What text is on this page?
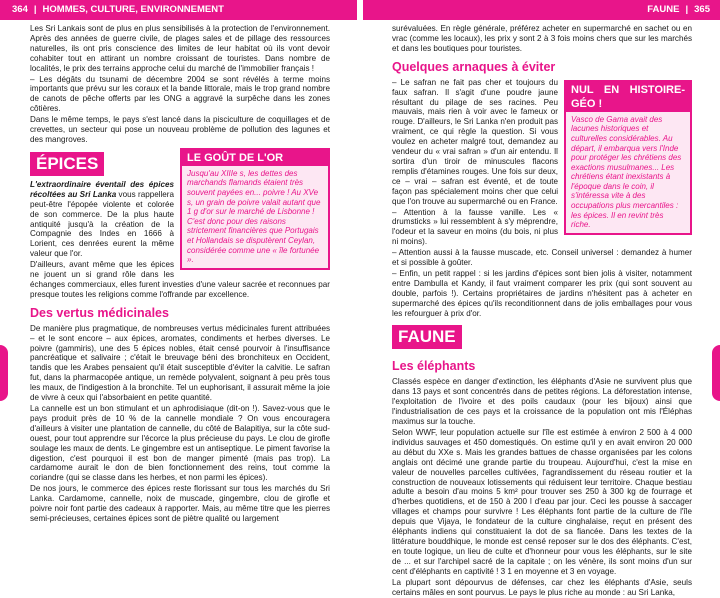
364 | HOMMES, CULTURE, ENVIRONNEMENT	FAUNE | 365

Les Sri Lankais sont de plus en plus sensibilisés à la protection de l'environnement. Après des années de guerre civile, de plages sales et de pillage des ressources naturelles, ils ont pris conscience des limites de leur habitat où ils vont devoir cohabiter tout en attirant un nombre croissant de touristes. Dans nombre de localités, le prix des terrains approche celui du marché de l'immobilier français !

– Les dégâts du tsunami de décembre 2004 se sont révélés à terme moins importants que prévu sur les coraux et la bande littorale, mais le trop grand nombre de canots de pêche offerts par les ONG a aggravé la surpêche dans les zones côtières.

Dans le même temps, le pays s'est lancé dans la pisciculture de coquillages et de crevettes, un secteur qui pose un nouveau problème de pollution des lagunes et des mangroves.

ÉPICES	LE GOÛT DE L'OR
Jusqu'au XIIIe s, les dettes des marchands flamands étaient très souvent payées en... poivre ! Au XVe s, un grain de poivre valait autant que 1 g d'or sur le marché de Lisbonne ! C'est donc pour des raisons strictement financières que Portugais et Hollandais se disputèrent Ceylan, considérée comme une « île fortunée ».

L'extraordinaire éventail des épices récoltées au Sri Lanka vous rappellera peut-être l'épopée violente et colorée de son commerce. De la plus haute antiquité jusqu'à la création de la Compagnie des Indes en 1666 à Lorient, ces denrées eurent la même valeur que l'or.

D'ailleurs, avant même que les épices ne jouent un si grand rôle dans les échanges commerciaux, elles furent investies d'une valeur sacrée et reconnues par presque toutes les religions comme l'offrande par excellence.

Des vertus médicinales

De manière plus pragmatique, de nombreuses vertus médicinales furent attribuées – et le sont encore – aux épices, aromates, condiments et herbes diverses. Le poivre (gammiris), une des 5 épices nobles, était censé pourvoir à l'insuffisance pancréatique et salivaire ; c'était le breuvage béni des bronchiteux en Occident, tandis que les Arabes pensaient qu'il était susceptible d'éviter la calvitie. Le safran fut, dans la pharmacopée antique, un remède polyvalent, soignant à peu près tous les maux, de l'indigestion à la bronchite. Tel un euphorisant, il assurait même la joie de vivre à ceux qui l'absorbaient en petite quantité.

La cannelle est un bon stimulant et un aphrodisiaque (dit-on !). Savez-vous que le pays produit près de 10 % de la cannelle mondiale ? On vous encouragera d'ailleurs à visiter une plantation de cannelle, du côté de Balapitiya, sur la côte sud-ouest, pour tout apprendre sur l'écorce la plus précieuse du pays. Le clou de girofle soulage les maux de dents. Le gingembre est un antiseptique. Le piment favorise la digestion, c'est pourquoi il est bon de manger pimenté (mais pas trop). La cardamome aurait le don de bien fonctionnement des reins, tout comme la coriandre (qui se classe dans les herbes, et non parmi les épices).

De nos jours, le commerce des épices reste florissant sur tous les marchés du Sri Lanka. Cardamome, cannelle, noix de muscade, gingembre, clou de girofle et poivre noir font partie des cadeaux à rapporter. Mais, au même titre que les pierres semi-précieuses, certaines épices sont de piètre qualité ou largement

surévaluées. En règle générale, préférez acheter en supermarché en sachet ou en vrac (comme les locaux), les prix y sont 2 à 3 fois moins chers que sur les marchés et dans les boutiques pour touristes.

Quelques arnaques à éviter
NUL EN HISTOIRE-GÉO !
Vasco de Gama avait des lacunes historiques et culturelles considérables. Au départ, il embarqua vers l'Inde pour protéger les chrétiens des exactions musulmanes... Les chrétiens étant inexistants à l'époque dans le coin, il s'intéressa vite à des occupations plus mercantiles : les épices. Il en revint très riche.

– Le safran ne fait pas cher et toujours du faux safran. Il s'agit d'une poudre jaune résultant du pilage de ses racines. Peu mauvais, mais rien à voir avec le fameux or rouge. D'ailleurs, le Sri Lanka n'en produit pas vraiment, ce qui règle la question. Si vous voulez en acheter malgré tout, demandez au vendeur du « vrai safran » d'un air entendu. Il sortira d'un tiroir de minuscules flacons remplis d'étamines rouges. Une fois sur deux, ce – vrai – safran est éventé, et de toute façon pas spécialement moins cher que celui que l'on trouve au supermarché ou en France.

– Attention à la fausse vanille. Les « drumsticks » lui ressemblent à s'y méprendre, l'odeur et la saveur en moins (du bois, ni plus ni moins).

– Attention aussi à la fausse muscade, etc. Conseil universel : demandez à humer et si possible à goûter.

– Enfin, un petit rappel : si les jardins d'épices sont bien jolis à visiter, notamment entre Dambulla et Kandy, il faut vraiment comparer les prix (qui sont souvent au double, parfois !). Certains propriétaires de jardins n'hésitent pas à acheter en supermarché des épices qu'ils reconditionnent dans de jolis emballages pour vous les refourguer à prix d'or.

FAUNE
Les éléphants

Classés espèce en danger d'extinction, les éléphants d'Asie ne survivent plus que dans 13 pays et sont concentrés dans de petites régions. La déforestation intense, l'exploitation de l'ivoire et des poils caudaux (pour les bijoux) ainsi que l'industrialisation de ces pays et la croissance de la population ont mis l'Éléphas maximus sur la touche.

Selon WWF, leur population actuelle sur l'île est estimée à environ 2 500 à 4 000 individus sauvages et 450 domestiqués. On estime qu'il y en avait environ 20 000 au début du XXe s. Mais les grandes battues de chasse organisées par les colons anglais ont décimé une grande partie du troupeau. Aujourd'hui, c'est la mise en valeur de nouvelles parcelles cultivées, l'agrandissement du réseau routier et la construction de nouveaux lotissements qui réduisent leur territoire. Chaque bestiau adulte a besoin d'au moins 5 km² pour trouver ses 250 à 300 kg de fourrage et d'herbes quotidiens, et de 150 à 200 l d'eau par jour. Ceci les pousse à saccager villages et champs pour survivre ! Les éléphants font partie de la culture de l'île depuis que Vijaya, le fondateur de la culture cinghalaise, reçut en présent des éléphants indiens qui constituaient la dot de sa fiancée. Dans les textes de la littérature bouddhique, le monde est censé reposer sur le dos des éléphants. C'est, en toute logique, un lieu de culte et d'honneur pour vous les éléphants, sur le site de ... et sur l'archipel sacré de la capitale ; on les vénère, ils sont moins d'un sur cent d'éléphants en captivité ! 3 1 en moyenne et 3 en voyage.

La plupart sont dépourvus de défenses, car chez les éléphants d'Asie, seuls certains mâles en sont pourvus. Le pays le plus riche au monde : au Sri Lanka,
